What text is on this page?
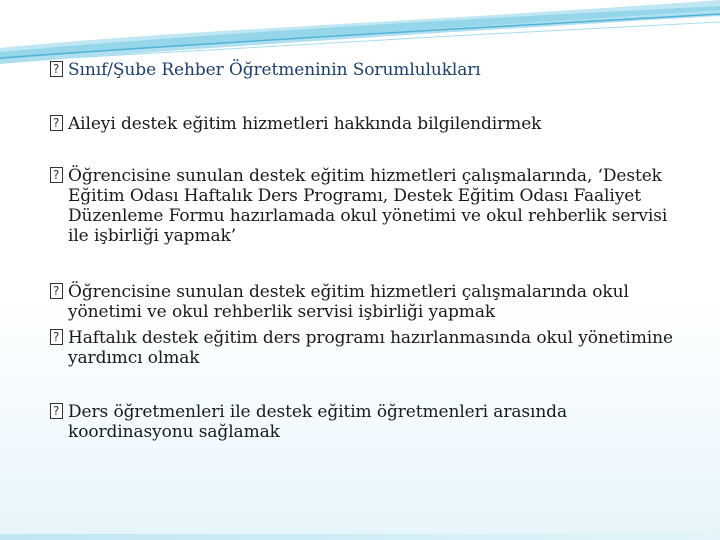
?
Sınıf/Şube Rehber Öğretmeninin Sorumlulukları
?
Aileyi destek eğitim hizmetleri hakkında bilgilendirmek
?
Öğrencisine sunulan destek eğitim hizmetleri çalışmalarında, ‘Destek Eğitim Odası Haftalık Ders Programı, Destek Eğitim Odası Faaliyet Düzenleme Formu hazırlamada okul yönetimi ve okul rehberlik servisi ile işbirliği yapmak’
?
Öğrencisine sunulan destek eğitim hizmetleri çalışmalarında okul yönetimi ve okul rehberlik servisi işbirliği yapmak
?
Haftalık destek eğitim ders programı hazırlanmasında okul yönetimine yardımcı olmak
?
Ders öğretmenleri ile destek eğitim öğretmenleri arasında koordinasyonu sağlamak
